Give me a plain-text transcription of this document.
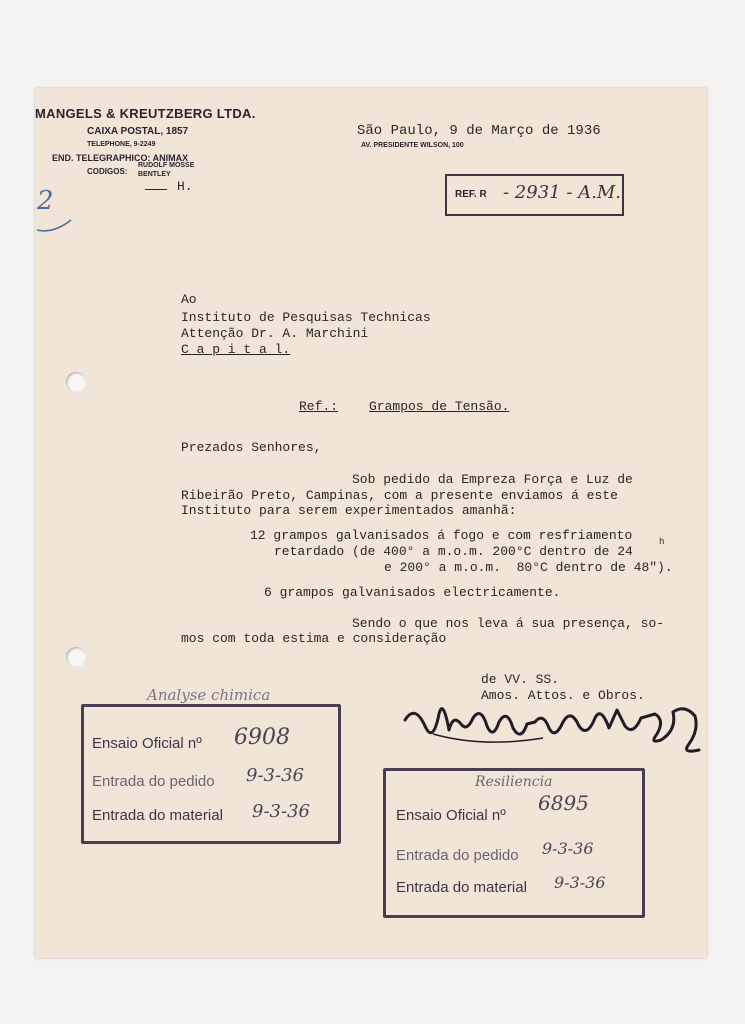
MANGELS & KREUTZBERG LTDA.
CAIXA POSTAL, 1857
TELEPHONE, 9-2249
END. TELEGRAPHICO: ANIMAX
CODIGOS:
RUDOLF MOSSE
BENTLEY
H.
2
São Paulo, 9 de Março de 1936
AV. PRESIDENTE WILSON, 100
REF. R - 2931 - A.M.
Ao
Instituto de Pesquisas Technicas
Attenção Dr. A. Marchini
C a p i t a l.
Ref.: Grampos de Tensão.
Prezados Senhores,
Sob pedido da Empreza Força e Luz de
Ribeirão Preto, Campinas, com a presente enviamos á este
Instituto para serem experimentados amanhã:
12 grampos galvanisados á fogo e com resfriamento
retardado (de 400° a m.o.m. 200°C dentro de 24
h
e 200° a m.o.m.  80°C dentro de 48").
6 grampos galvanisados electricamente.
Sendo o que nos leva á sua presença, so-
mos com toda estima e consideração
de VV. SS.
Amos. Attos. e Obros.
Analyse chimica
Ensaio Oficial nº 6908
Entrada do pedido 9-3-36
Entrada do material 9-3-36
Resiliencia
Ensaio Oficial nº
6895
Entrada do pedido 9-3-36
Entrada do material 9-3-36
